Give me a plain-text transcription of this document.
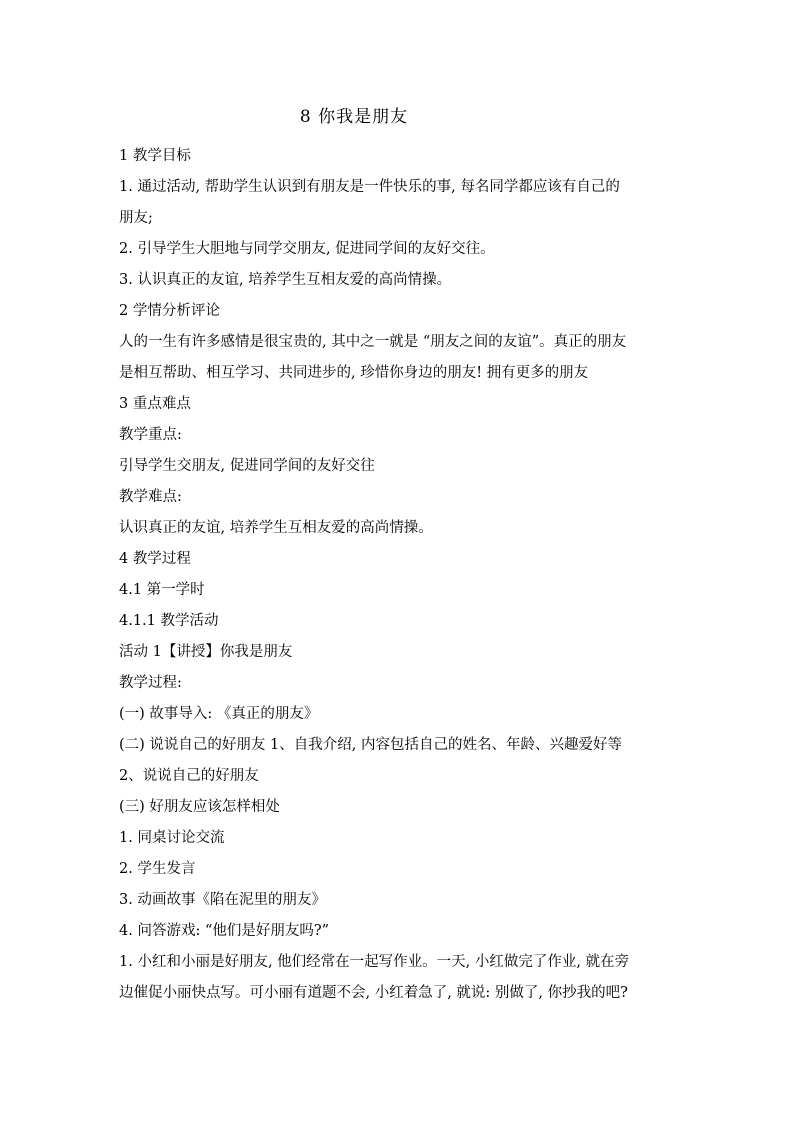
8 你我是朋友
1 教学目标
1. 通过活动, 帮助学生认识到有朋友是一件快乐的事, 每名同学都应该有自己的
朋友;
2. 引导学生大胆地与同学交朋友, 促进同学间的友好交往。
3. 认识真正的友谊, 培养学生互相友爱的高尚情操。
2 学情分析评论
人的一生有许多感情是很宝贵的, 其中之一就是 “朋友之间的友谊”。真正的朋友
是相互帮助、相互学习、共同进步的, 珍惜你身边的朋友! 拥有更多的朋友
3 重点难点
教学重点:
引导学生交朋友, 促进同学间的友好交往
教学难点:
认识真正的友谊, 培养学生互相友爱的高尚情操。
4 教学过程
4.1 第一学时
4.1.1 教学活动
活动 1【讲授】你我是朋友
教学过程:
(一) 故事导入: 《真正的朋友》
(二) 说说自己的好朋友 1、自我介绍, 内容包括自己的姓名、年龄、兴趣爱好等
2、说说自己的好朋友
(三) 好朋友应该怎样相处
1. 同桌讨论交流
2. 学生发言
3. 动画故事《陷在泥里的朋友》
4. 问答游戏: “他们是好朋友吗?”
1. 小红和小丽是好朋友, 他们经常在一起写作业。一天, 小红做完了作业, 就在旁
边催促小丽快点写。可小丽有道题不会, 小红着急了, 就说: 别做了, 你抄我的吧?
